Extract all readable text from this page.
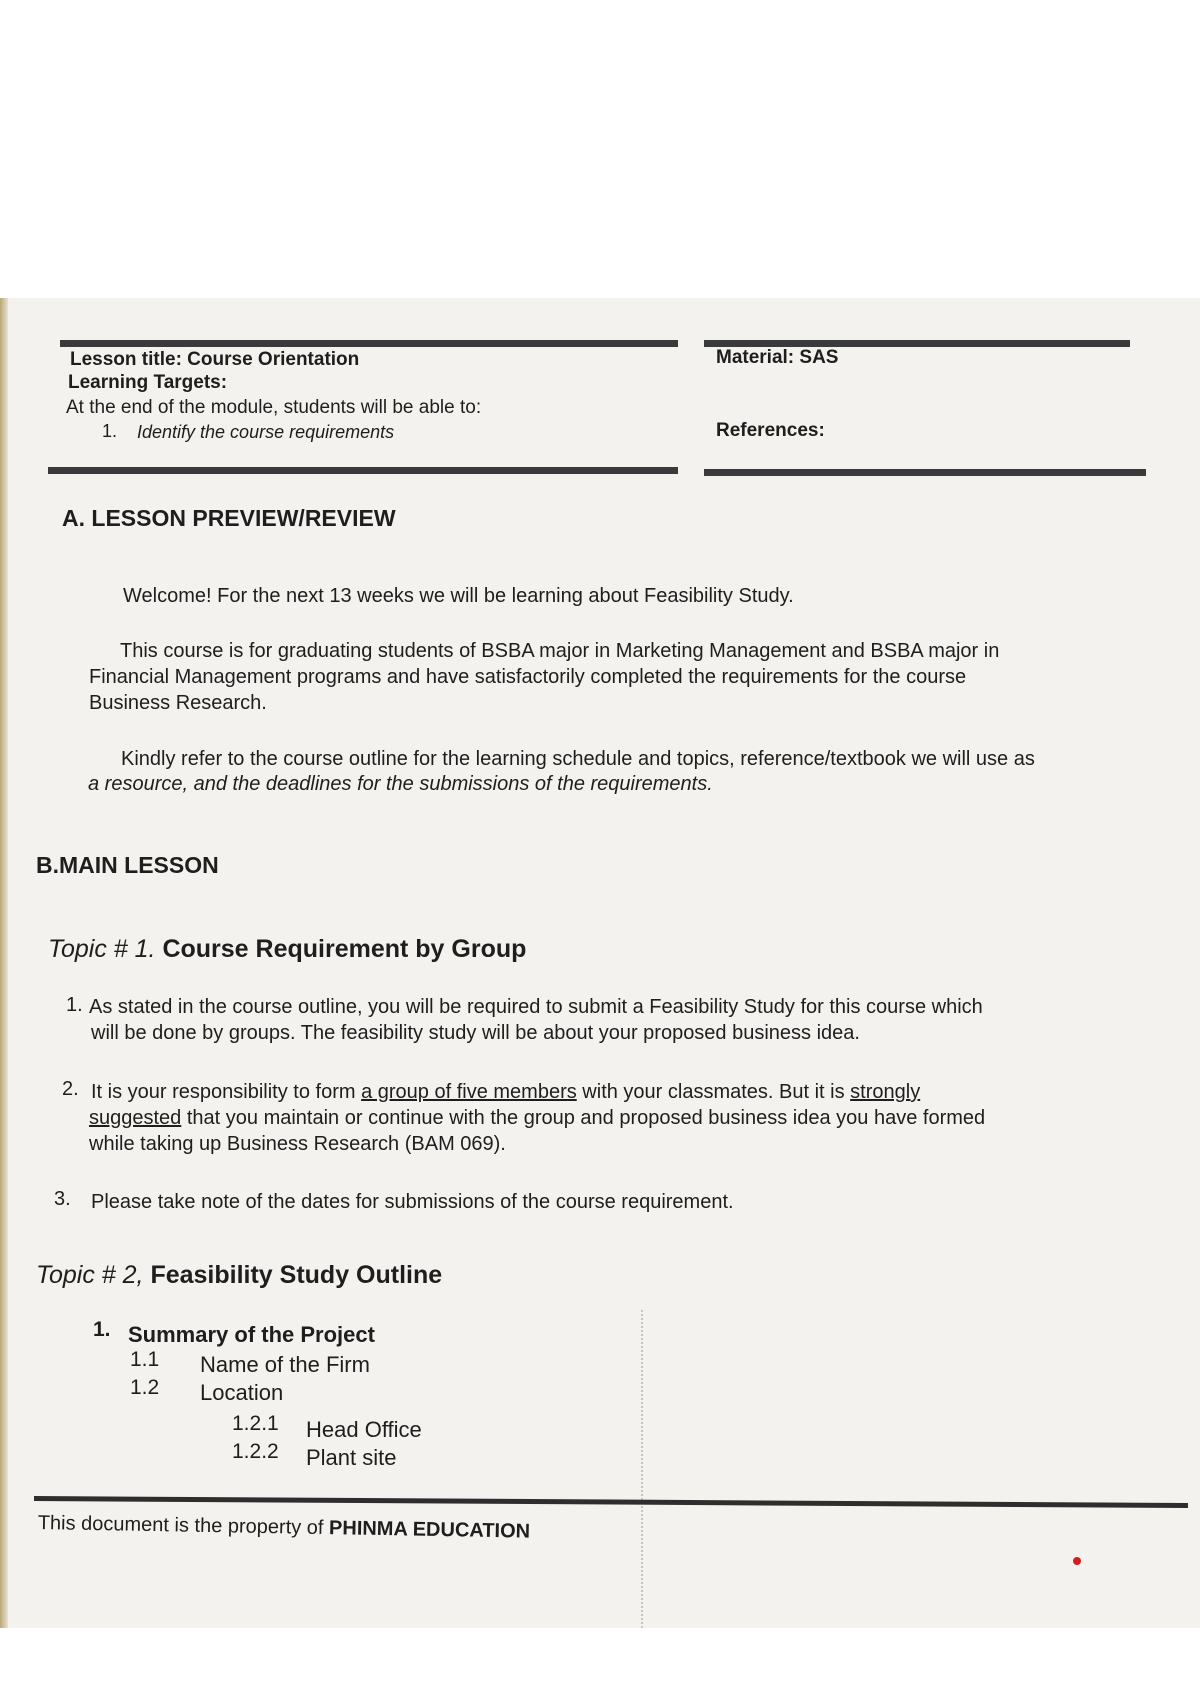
Lesson title: Course Orientation
Learning Targets:
At the end of the module, students will be able to:
1. Identify the course requirements
Material: SAS
References:
A. LESSON PREVIEW/REVIEW
Welcome! For the next 13 weeks we will be learning about Feasibility Study.
This course is for graduating students of BSBA major in Marketing Management and BSBA major in
Financial Management programs and have satisfactorily completed the requirements for the course
Business Research.
Kindly refer to the course outline for the learning schedule and topics, reference/textbook we will use as
a resource, and the deadlines for the submissions of the requirements.
B.MAIN LESSON
Topic # 1. Course Requirement by Group
1. As stated in the course outline, you will be required to submit a Feasibility Study for this course which
will be done by groups. The feasibility study will be about your proposed business idea.
2. It is your responsibility to form a group of five members with your classmates. But it is strongly
suggested that you maintain or continue with the group and proposed business idea you have formed
while taking up Business Research (BAM 069).
3. Please take note of the dates for submissions of the course requirement.
Topic # 2, Feasibility Study Outline
1. Summary of the Project
1.1 Name of the Firm
1.2 Location
1.2.1 Head Office
1.2.2 Plant site
This document is the property of PHINMA EDUCATION
